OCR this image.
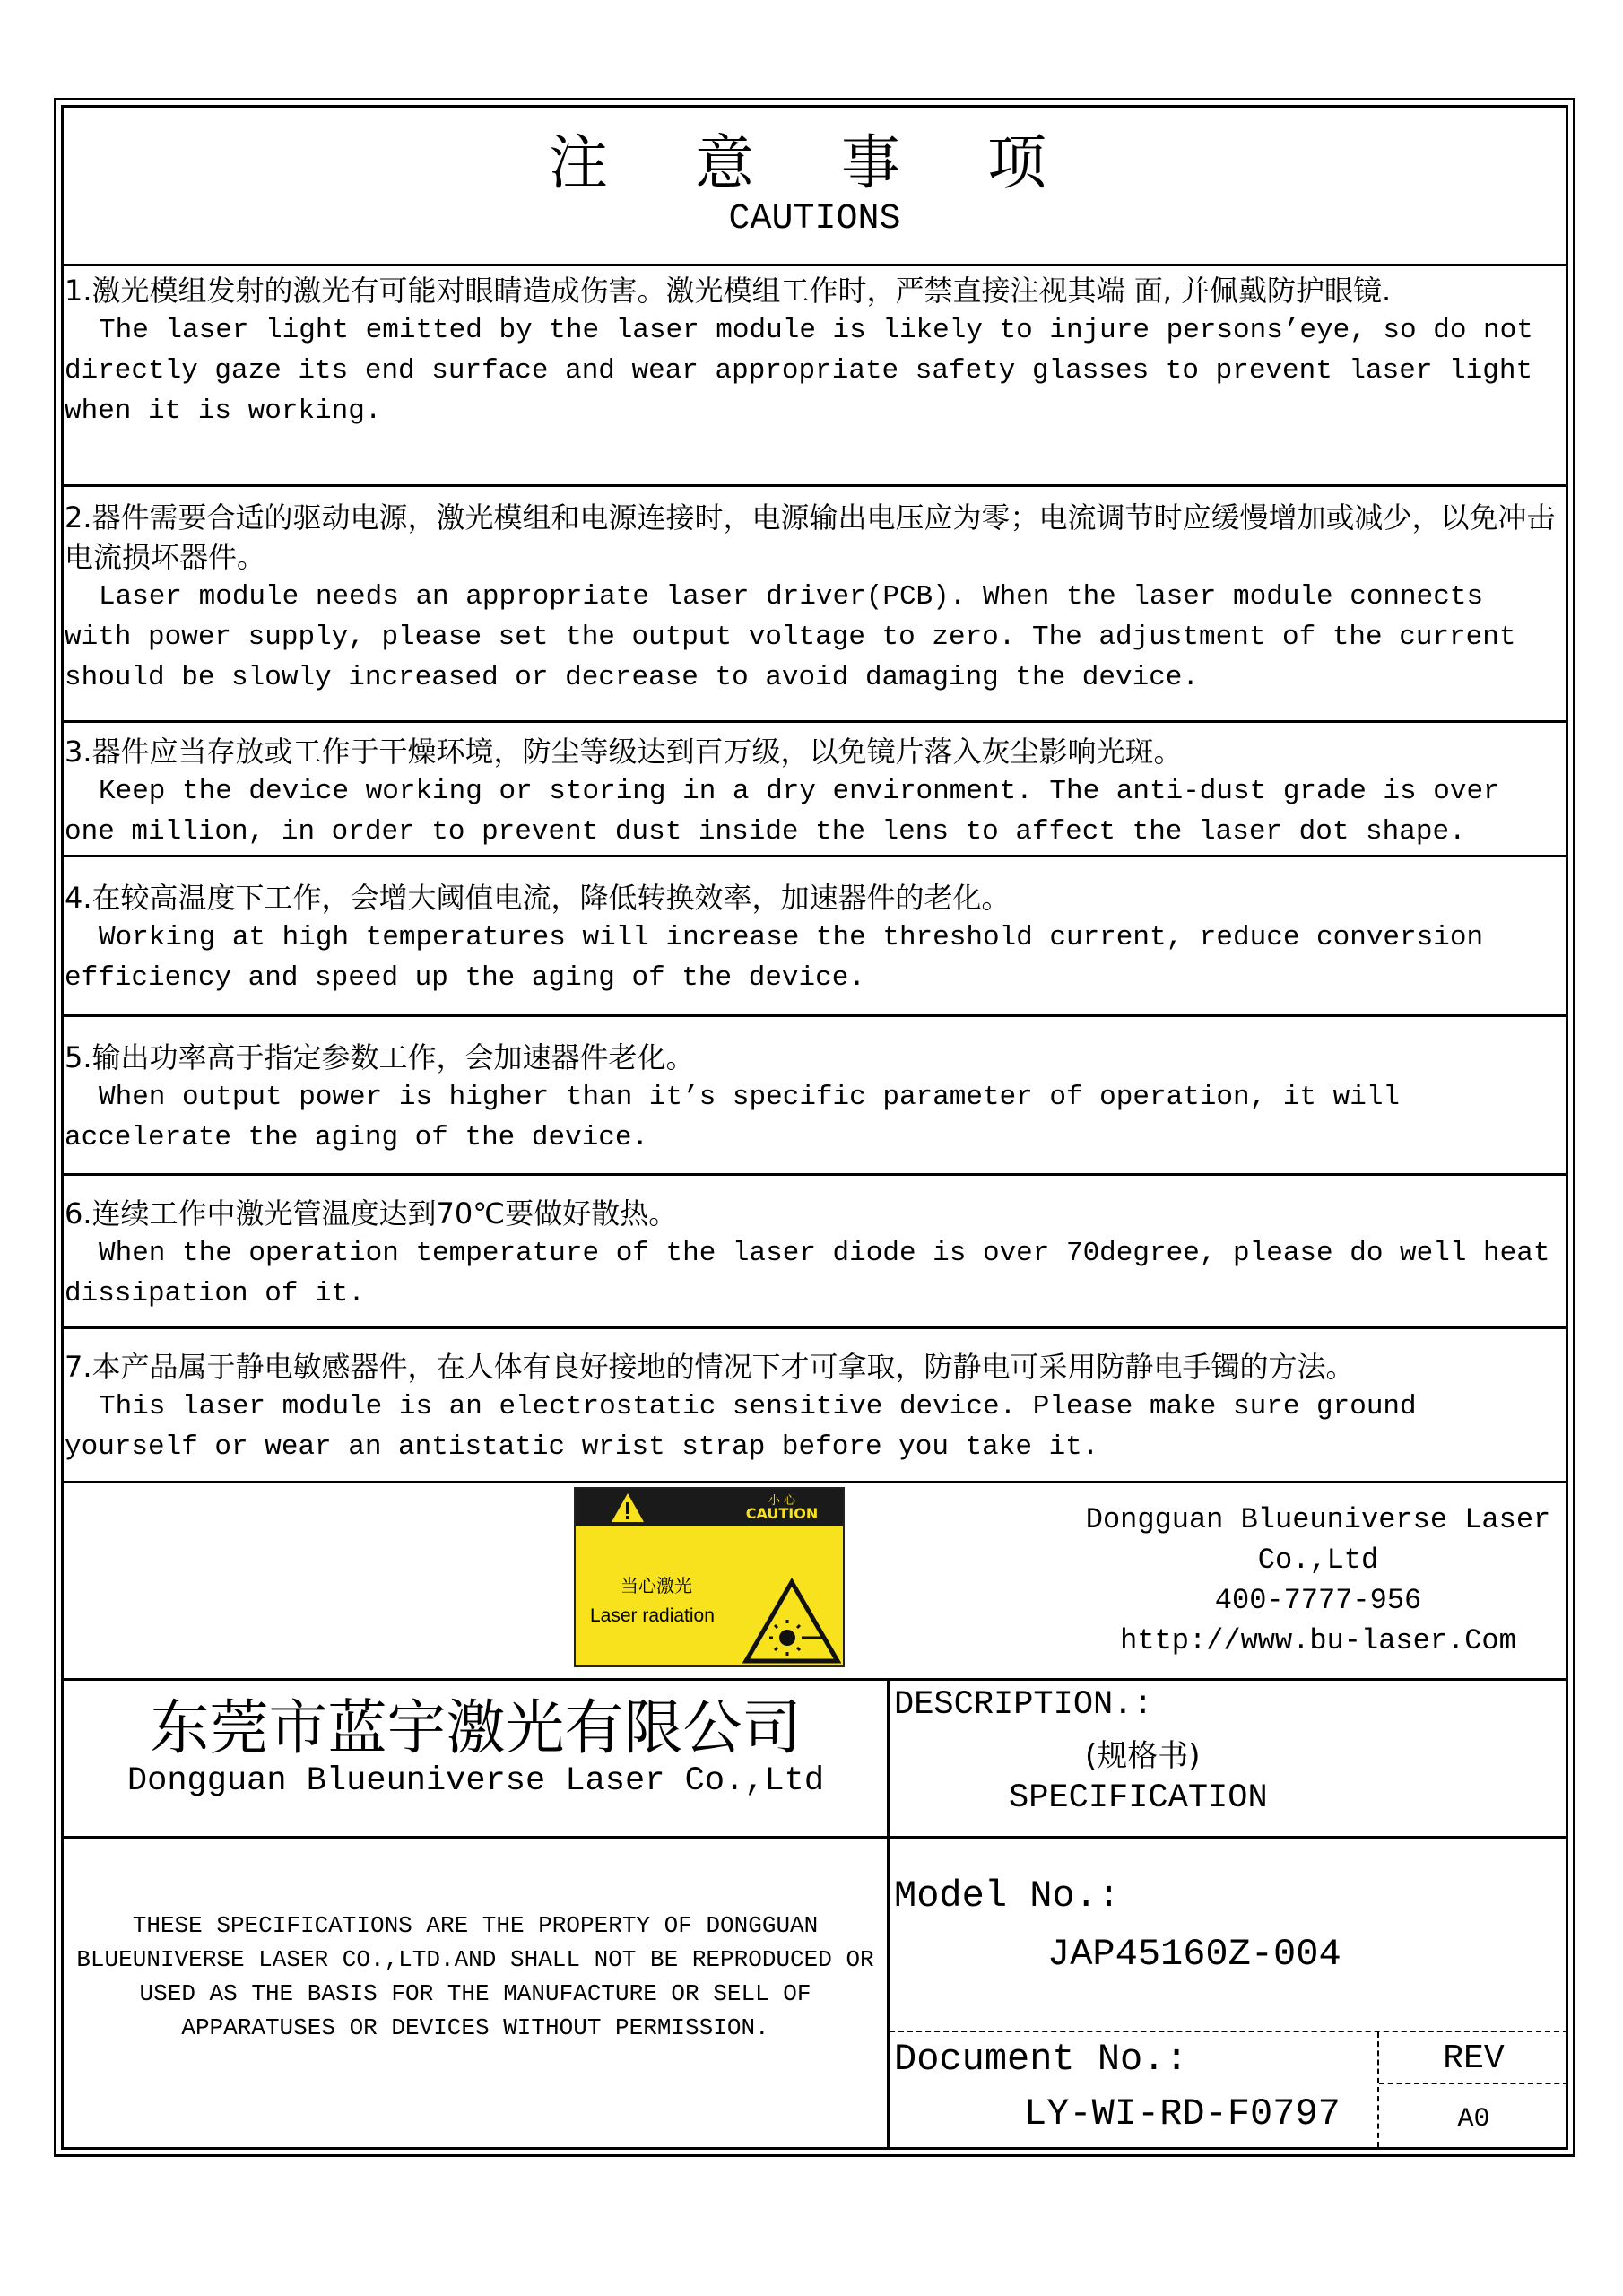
注 意 事 项
CAUTIONS
1.激光模组发射的激光有可能对眼睛造成伤害。激光模组工作时，严禁直接注视其端 面, 并佩戴防护眼镜.
The laser light emitted by the laser module is likely to injure persons’eye, so do not directly gaze its end surface and wear appropriate safety glasses to prevent laser light when it is working.
2.器件需要合适的驱动电源，激光模组和电源连接时，电源输出电压应为零；电流调节时应缓慢增加或减少，以免冲击电流损坏器件。
Laser module needs an appropriate laser driver(PCB). When the laser module connects with power supply, please set the output voltage to zero. The adjustment of the current should be slowly increased or decrease to avoid damaging the device.
3.器件应当存放或工作于干燥环境，防尘等级达到百万级，以免镜片落入灰尘影响光斑。
Keep the device working or storing in a dry environment. The anti-dust grade is over one million, in order to prevent dust inside the lens to affect the laser dot shape.
4.在较高温度下工作，会增大阈值电流，降低转换效率，加速器件的老化。
Working at high temperatures will increase the threshold current, reduce conversion efficiency and speed up the aging of the device.
5.输出功率高于指定参数工作，会加速器件老化。
When output power is higher than it’s specific parameter of operation, it will accelerate the aging of the device.
6.连续工作中激光管温度达到70℃要做好散热。
When the operation temperature of the laser diode is over 70degree, please do well heat dissipation of it.
7.本产品属于静电敏感器件，在人体有良好接地的情况下才可拿取，防静电可采用防静电手镯的方法。
This laser module is an electrostatic sensitive device. Please make sure ground yourself or wear an antistatic wrist strap before you take it.
小 心
CAUTION
当心激光
Laser radiation
Dongguan Blueuniverse Laser
Co.,Ltd
400-7777-956
http://www.bu-laser.Com
东莞市蓝宇激光有限公司
Dongguan Blueuniverse Laser Co.,Ltd
DESCRIPTION.:
(规格书)
SPECIFICATION
THESE SPECIFICATIONS ARE THE PROPERTY OF DONGGUAN BLUEUNIVERSE LASER CO.,LTD.AND SHALL NOT BE REPRODUCED OR USED AS THE BASIS FOR THE MANUFACTURE OR SELL OF APPARATUSES OR DEVICES WITHOUT PERMISSION.
Model No.:
JAP45160Z-004
Document No.:
LY-WI-RD-F0797
REV
A0
